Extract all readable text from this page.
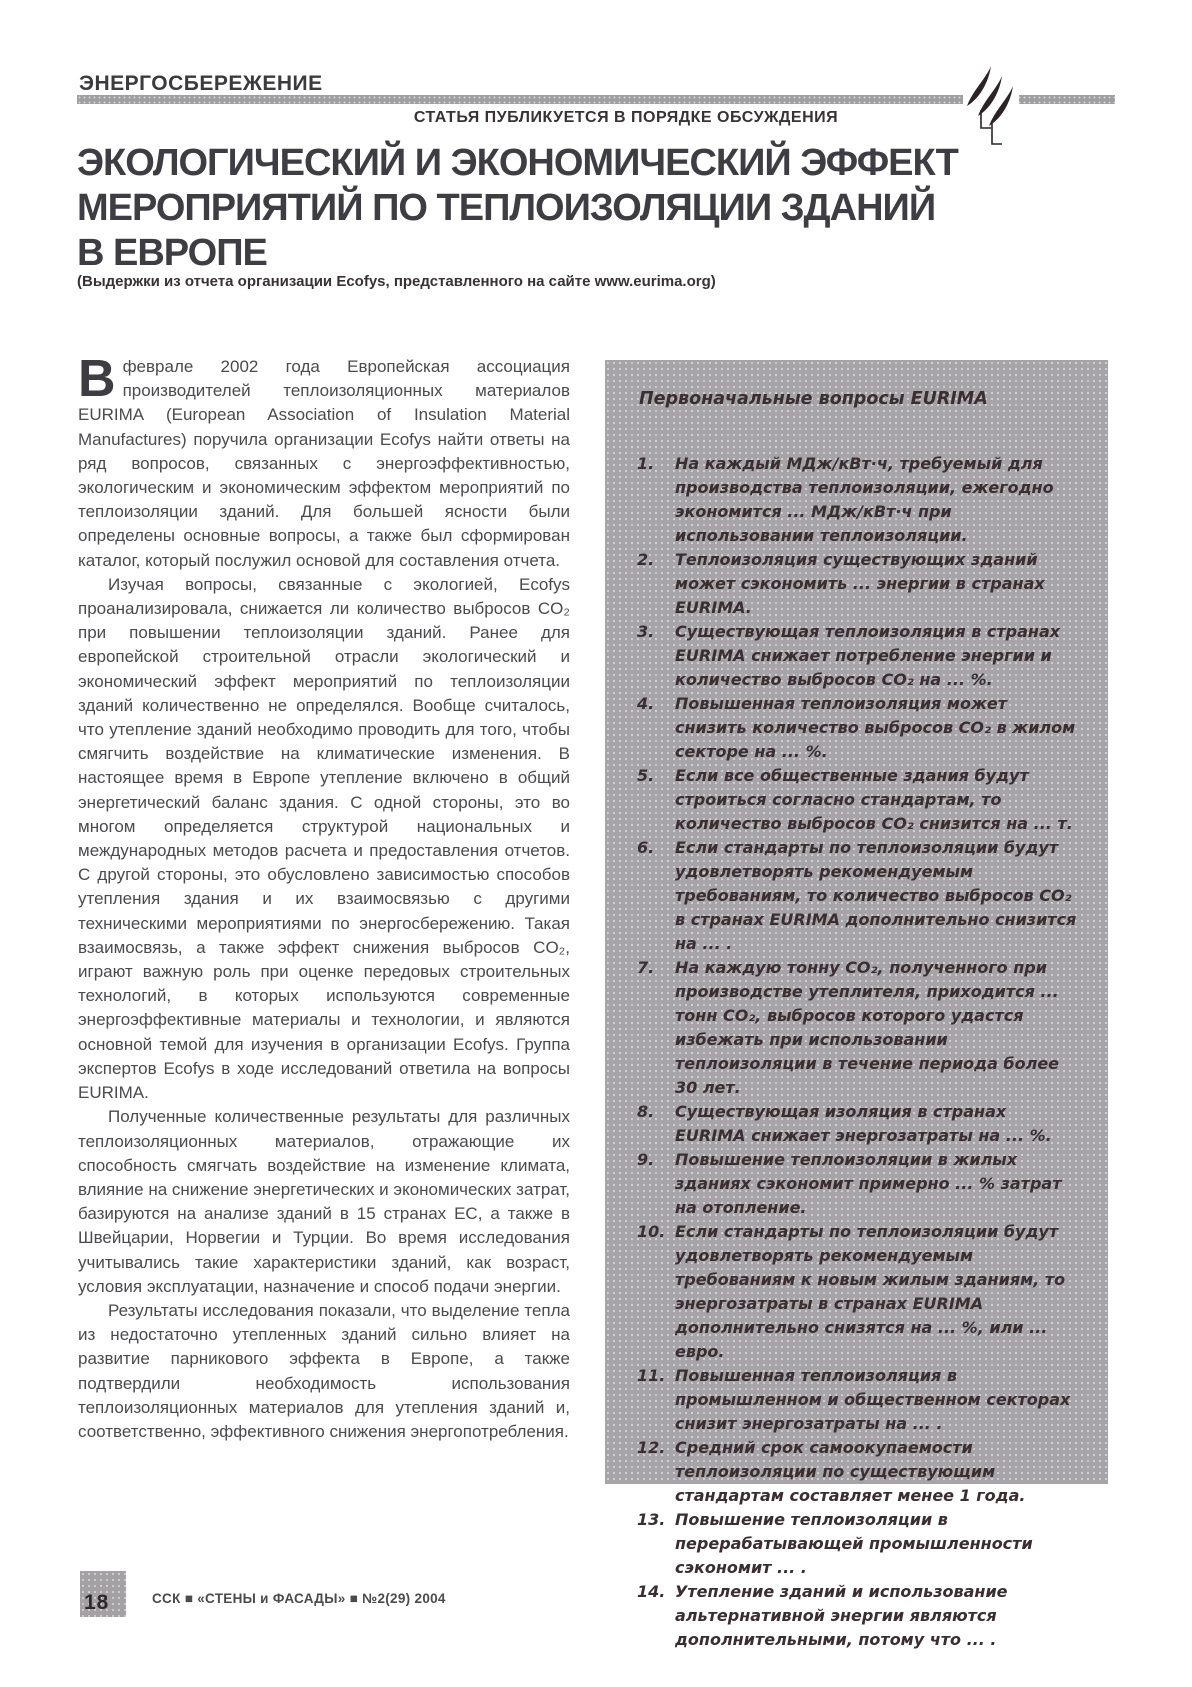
ЭНЕРГОСБЕРЕЖЕНИЕ
СТАТЬЯ ПУБЛИКУЕТСЯ В ПОРЯДКЕ ОБСУЖДЕНИЯ
ЭКОЛОГИЧЕСКИЙ И ЭКОНОМИЧЕСКИЙ ЭФФЕКТ
МЕРОПРИЯТИЙ ПО ТЕПЛОИЗОЛЯЦИИ ЗДАНИЙ
В ЕВРОПЕ
(Выдержки из отчета организации Ecofys, представленного на сайте www.eurima.org)

Вфеврале 2002 года Европейская ассоциация производителей теплоизоляционных материалов EURIMA (European Association of Insulation Material Manufactures) поручила организации Ecofys найти ответы на ряд вопросов, связанных с энергоэффективностью, экологическим и экономическим эффектом мероприятий по теплоизоляции зданий. Для большей ясности были определены основные вопросы, а также был сформирован каталог, который послужил основой для составления отчета.

Изучая вопросы, связанные с экологией, Ecofys проанализировала, снижается ли количество выбросов CO₂ при повышении теплоизоляции зданий. Ранее для европейской строительной отрасли экологический и экономический эффект мероприятий по теплоизоляции зданий количественно не определялся. Вообще считалось, что утепление зданий необходимо проводить для того, чтобы смягчить воздействие на климатические изменения. В настоящее время в Европе утепление включено в общий энергетический баланс здания. С одной стороны, это во многом определяется структурой национальных и международных методов расчета и предоставления отчетов. С другой стороны, это обусловлено зависимостью способов утепления здания и их взаимосвязью с другими техническими мероприятиями по энергосбережению. Такая взаимосвязь, а также эффект снижения выбросов CO₂, играют важную роль при оценке передовых строительных технологий, в которых используются современные энергоэффективные материалы и технологии, и являются основной темой для изучения в организации Ecofys. Группа экспертов Ecofys в ходе исследований ответила на вопросы EURIMA.

Полученные количественные результаты для различных теплоизоляционных материалов, отражающие их способность смягчать воздействие на изменение климата, влияние на снижение энергетических и экономических затрат, базируются на анализе зданий в 15 странах ЕС, а также в Швейцарии, Норвегии и Турции. Во время исследования учитывались такие характеристики зданий, как возраст, условия эксплуатации, назначение и способ подачи энергии.

Результаты исследования показали, что выделение тепла из недостаточно утепленных зданий сильно влияет на развитие парникового эффекта в Европе, а также подтвердили необходимость использования теплоизоляционных материалов для утепления зданий и, соответственно, эффективного снижения энергопотребления.

Первоначальные вопросы EURIMA
1. На каждый МДж/кВт·ч, требуемый для производства теплоизоляции, ежегодно экономится ... МДж/кВт·ч при использовании теплоизоляции.
2. Теплоизоляция существующих зданий может сэкономить ... энергии в странах EURIMA.
3. Существующая теплоизоляция в странах EURIMA снижает потребление энергии и количество выбросов CO₂ на ... %.
4. Повышенная теплоизоляция может снизить количество выбросов CO₂ в жилом секторе на ... %.
5. Если все общественные здания будут строиться согласно стандартам, то количество выбросов CO₂ снизится на ... т.
6. Если стандарты по теплоизоляции будут удовлетворять рекомендуемым требованиям, то количество выбросов CO₂ в странах EURIMA дополнительно снизится на ... .
7. На каждую тонну CO₂, полученного при производстве утеплителя, приходится ... тонн CO₂, выбросов которого удастся избежать при использовании теплоизоляции в течение периода более 30 лет.
8. Существующая изоляция в странах EURIMA снижает энергозатраты на ... %.
9. Повышение теплоизоляции в жилых зданиях сэкономит примерно ... % затрат на отопление.
10. Если стандарты по теплоизоляции будут удовлетворять рекомендуемым требованиям к новым жилым зданиям, то энергозатраты в странах EURIMA дополнительно снизятся на ... %, или ... евро.
11. Повышенная теплоизоляция в промышленном и общественном секторах снизит энергозатраты на ... .
12. Средний срок самоокупаемости теплоизоляции по существующим стандартам составляет менее 1 года.
13. Повышение теплоизоляции в перерабатывающей промышленности сэкономит ... .
14. Утепление зданий и использование альтернативной энергии являются дополнительными, потому что ... .
18	ССК ■ «СТЕНЫ и ФАСАДЫ» ■ №2(29) 2004
